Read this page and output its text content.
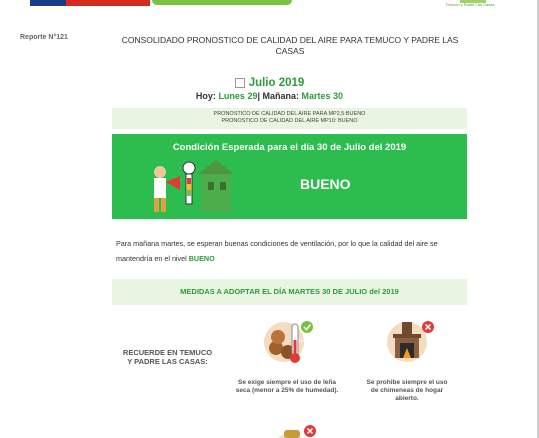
Temuco y Padre Las Casas
Reporte N°121	CONSOLIDADO PRONOSTICO DE CALIDAD DEL AIRE PARA TEMUCO Y PADRE LAS CASAS
Julio 2019
Hoy: Lunes 29| Mañana: Martes 30
PRONOSTICO DE CALIDAD DEL AIRE PARA MP2,5:BUENO
PRONOSTICO DE CALIDAD DEL AIRE MP10: BUENO
Condición Esperada para el día 30 de Julio del 2019
BUENO
Para mañana martes, se esperan buenas condiciones de ventilación, por lo que la calidad del aire se mantendría en el nivel BUENO
MEDIDAS A ADOPTAR EL DÍA MARTES 30 DE JULIO del 2019
RECUERDE EN TEMUCO Y PADRE LAS CASAS:
25%
Se exige siempre el uso de leña seca (menor a 25% de humedad).
Se prohibe siempre el uso de chimeneas de hogar abierto.
